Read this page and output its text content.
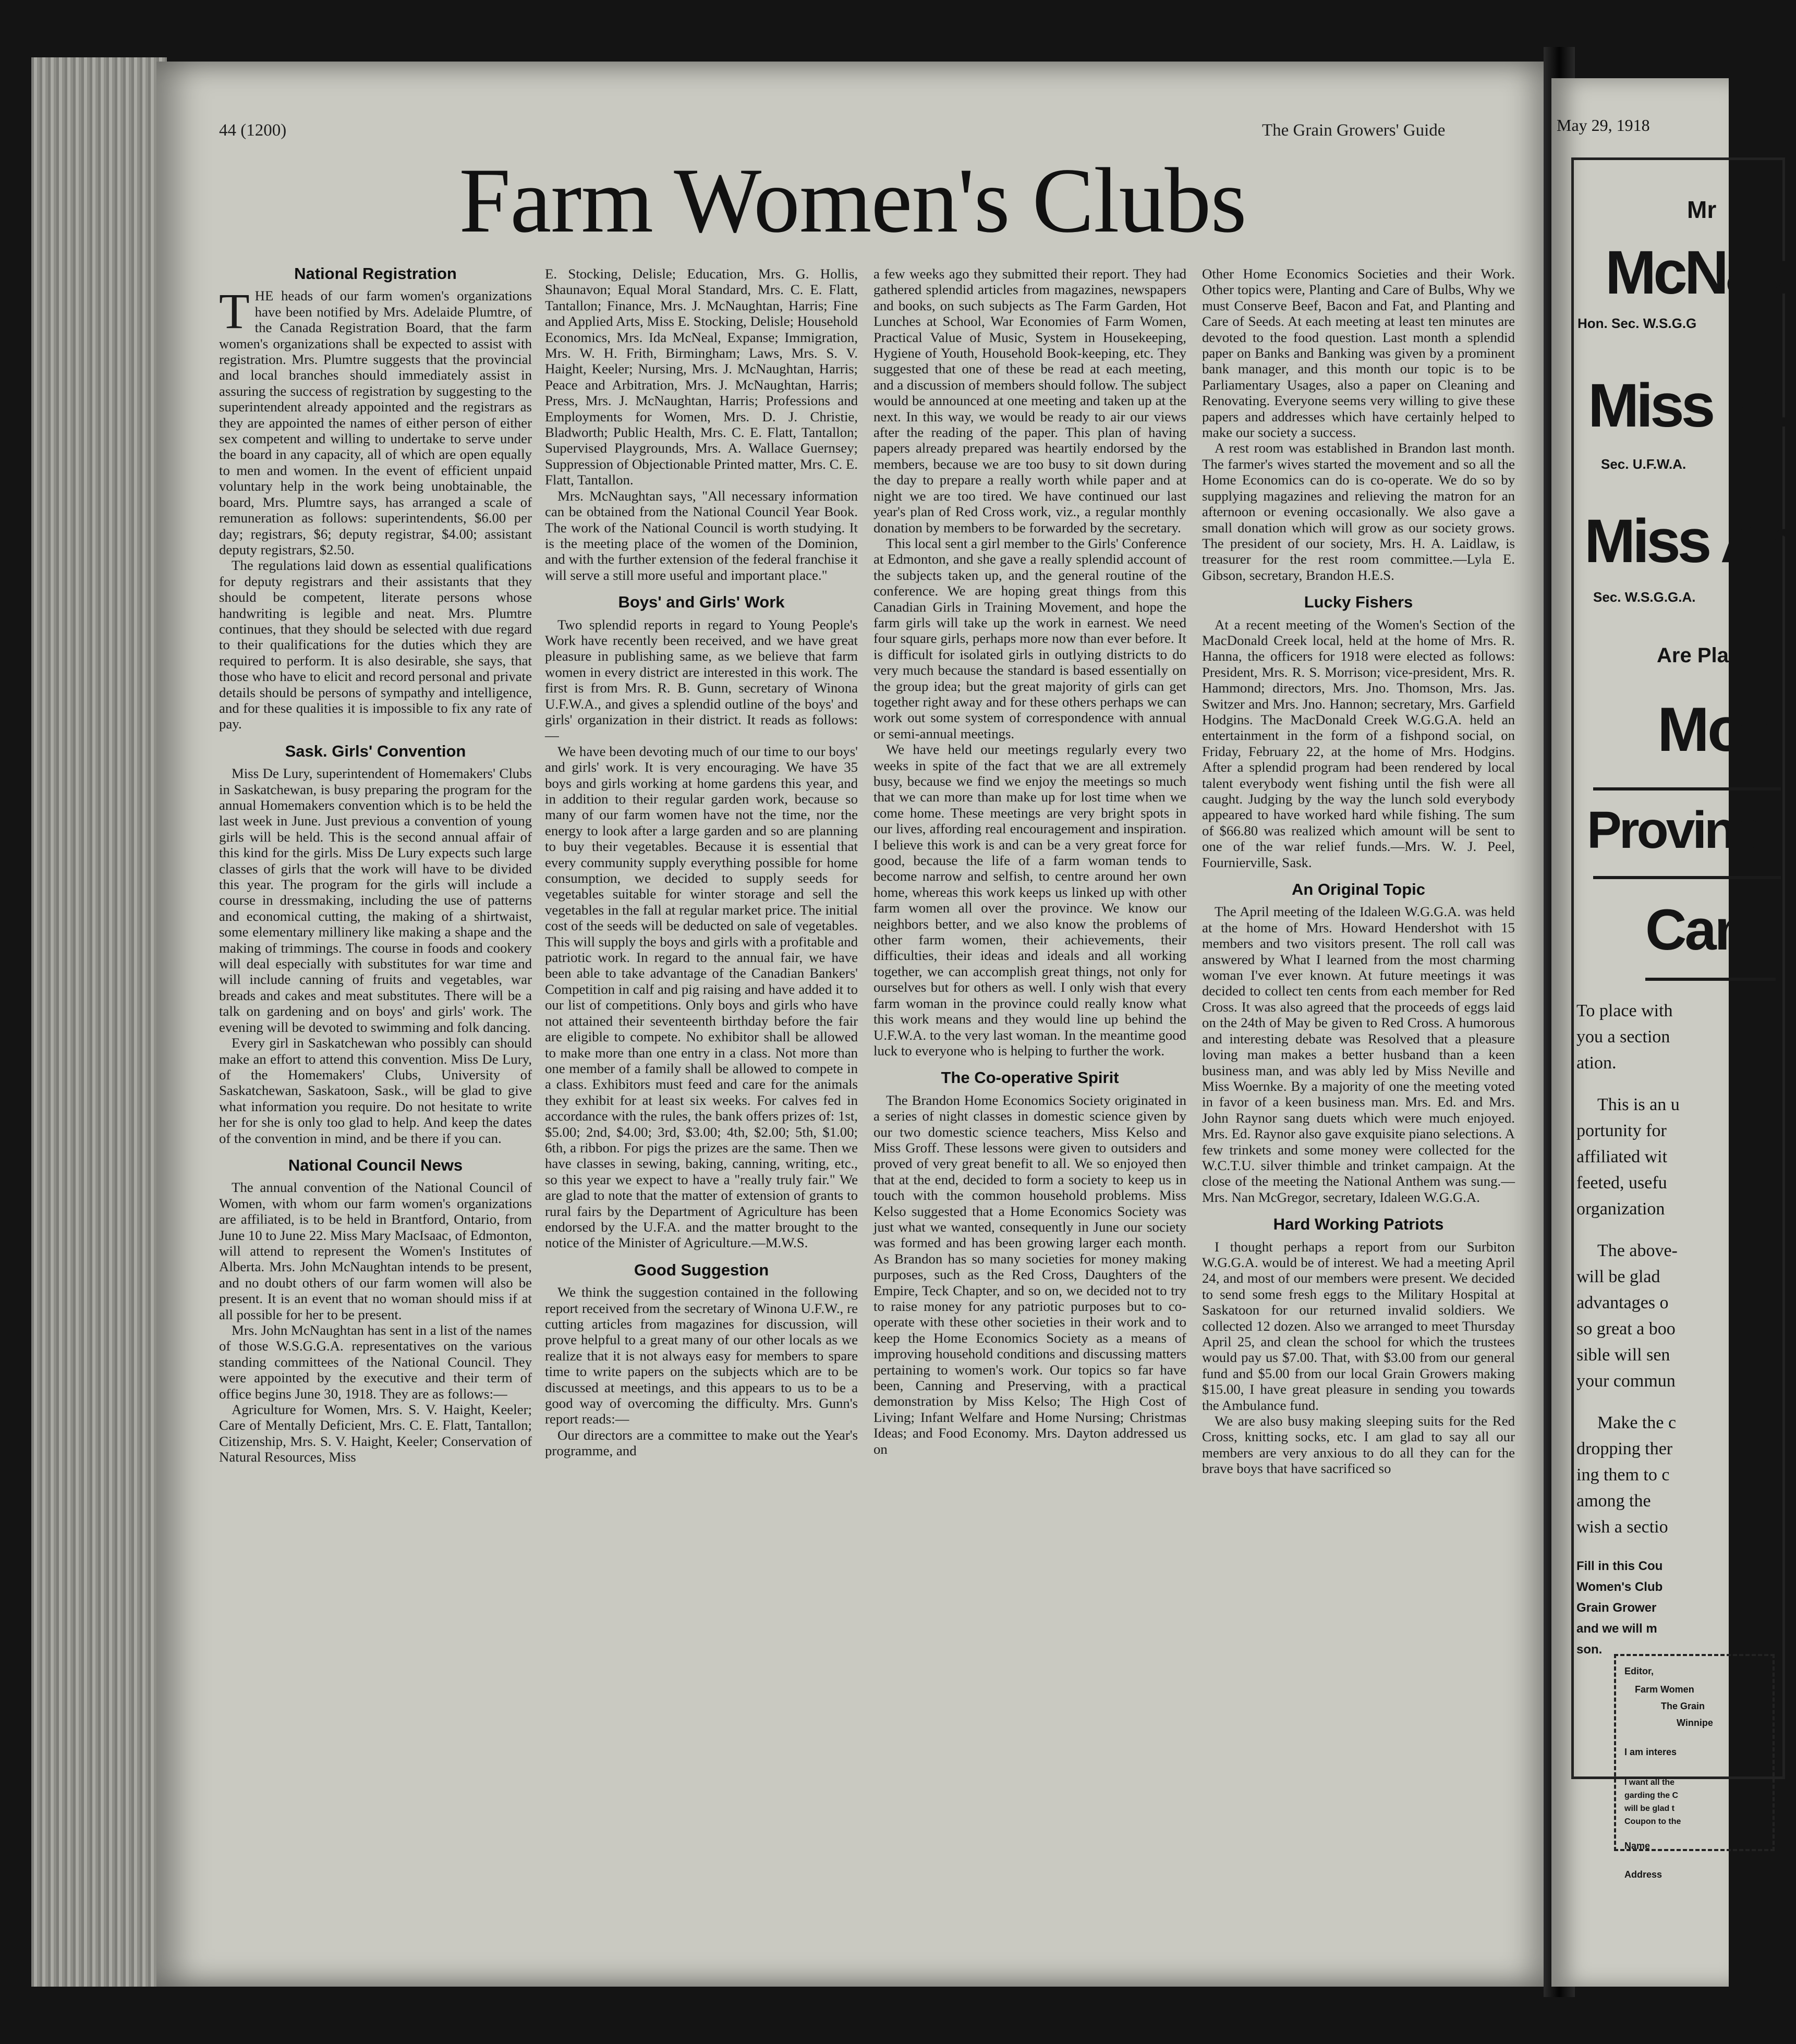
44 (1200)	The Grain Growers' Guide
Farm Women's Clubs
National Registration

THE heads of our farm women's organizations have been notified by Mrs. Adelaide Plumtre, of the Canada Registration Board, that the farm women's organizations shall be expected to assist with registration. Mrs. Plumtre suggests that the provincial and local branches should immediately assist in assuring the success of registration by suggesting to the superintendent already appointed and the registrars as they are appointed the names of either person of either sex competent and willing to undertake to serve under the board in any capacity, all of which are open equally to men and women. In the event of efficient unpaid voluntary help in the work being unobtainable, the board, Mrs. Plumtre says, has arranged a scale of remuneration as follows: superintendents, $6.00 per day; registrars, $6; deputy registrar, $4.00; assistant deputy registrars, $2.50.

The regulations laid down as essential qualifications for deputy registrars and their assistants that they should be competent, literate persons whose handwriting is legible and neat. Mrs. Plumtre continues, that they should be selected with due regard to their qualifications for the duties which they are required to perform. It is also desirable, she says, that those who have to elicit and record personal and private details should be persons of sympathy and intelligence, and for these qualities it is impossible to fix any rate of pay.

Sask. Girls' Convention

Miss De Lury, superintendent of Homemakers' Clubs in Saskatchewan, is busy preparing the program for the annual Homemakers convention which is to be held the last week in June. Just previous a convention of young girls will be held. This is the second annual affair of this kind for the girls. Miss De Lury expects such large classes of girls that the work will have to be divided this year. The program for the girls will include a course in dressmaking, including the use of patterns and economical cutting, the making of a shirtwaist, some elementary millinery like making a shape and the making of trimmings. The course in foods and cookery will deal especially with substitutes for war time and will include canning of fruits and vegetables, war breads and cakes and meat substitutes. There will be a talk on gardening and on boys' and girls' work. The evening will be devoted to swimming and folk dancing.

Every girl in Saskatchewan who possibly can should make an effort to attend this convention. Miss De Lury, of the Homemakers' Clubs, University of Saskatchewan, Saskatoon, Sask., will be glad to give what information you require. Do not hesitate to write her for she is only too glad to help. And keep the dates of the convention in mind, and be there if you can.

National Council News

The annual convention of the National Council of Women, with whom our farm women's organizations are affiliated, is to be held in Brantford, Ontario, from June 10 to June 22. Miss Mary MacIsaac, of Edmonton, will attend to represent the Women's Institutes of Alberta. Mrs. John McNaughtan intends to be present, and no doubt others of our farm women will also be present. It is an event that no woman should miss if at all possible for her to be present.

Mrs. John McNaughtan has sent in a list of the names of those W.S.G.G.A. representatives on the various standing committees of the National Council. They were appointed by the executive and their term of office begins June 30, 1918. They are as follows:—

Agriculture for Women, Mrs. S. V. Haight, Keeler; Care of Mentally Deficient, Mrs. C. E. Flatt, Tantallon; Citizenship, Mrs. S. V. Haight, Keeler; Conservation of Natural Resources, Miss

E. Stocking, Delisle; Education, Mrs. G. Hollis, Shaunavon; Equal Moral Standard, Mrs. C. E. Flatt, Tantallon; Finance, Mrs. J. McNaughtan, Harris; Fine and Applied Arts, Miss E. Stocking, Delisle; Household Economics, Mrs. Ida McNeal, Expanse; Immigration, Mrs. W. H. Frith, Birmingham; Laws, Mrs. S. V. Haight, Keeler; Nursing, Mrs. J. McNaughtan, Harris; Peace and Arbitration, Mrs. J. McNaughtan, Harris; Press, Mrs. J. McNaughtan, Harris; Professions and Employments for Women, Mrs. D. J. Christie, Bladworth; Public Health, Mrs. C. E. Flatt, Tantallon; Supervised Playgrounds, Mrs. A. Wallace Guernsey; Suppression of Objectionable Printed matter, Mrs. C. E. Flatt, Tantallon.

Mrs. McNaughtan says, "All necessary information can be obtained from the National Council Year Book. The work of the National Council is worth studying. It is the meeting place of the women of the Dominion, and with the further extension of the federal franchise it will serve a still more useful and important place."

Boys' and Girls' Work

Two splendid reports in regard to Young People's Work have recently been received, and we have great pleasure in publishing same, as we believe that farm women in every district are interested in this work. The first is from Mrs. R. B. Gunn, secretary of Winona U.F.W.A., and gives a splendid outline of the boys' and girls' organization in their district. It reads as follows:—

We have been devoting much of our time to our boys' and girls' work. It is very encouraging. We have 35 boys and girls working at home gardens this year, and in addition to their regular garden work, because so many of our farm women have not the time, nor the energy to look after a large garden and so are planning to buy their vegetables. Because it is essential that every community supply everything possible for home consumption, we decided to supply seeds for vegetables suitable for winter storage and sell the vegetables in the fall at regular market price. The initial cost of the seeds will be deducted on sale of vegetables. This will supply the boys and girls with a profitable and patriotic work. In regard to the annual fair, we have been able to take advantage of the Canadian Bankers' Competition in calf and pig raising and have added it to our list of competitions. Only boys and girls who have not attained their seventeenth birthday before the fair are eligible to compete. No exhibitor shall be allowed to make more than one entry in a class. Not more than one member of a family shall be allowed to compete in a class. Exhibitors must feed and care for the animals they exhibit for at least six weeks. For calves fed in accordance with the rules, the bank offers prizes of: 1st, $5.00; 2nd, $4.00; 3rd, $3.00; 4th, $2.00; 5th, $1.00; 6th, a ribbon. For pigs the prizes are the same. Then we have classes in sewing, baking, canning, writing, etc., so this year we expect to have a "really truly fair." We are glad to note that the matter of extension of grants to rural fairs by the Department of Agriculture has been endorsed by the U.F.A. and the matter brought to the notice of the Minister of Agriculture.—M.W.S.

Good Suggestion

We think the suggestion contained in the following report received from the secretary of Winona U.F.W., re cutting articles from magazines for discussion, will prove helpful to a great many of our other locals as we realize that it is not always easy for members to spare time to write papers on the subjects which are to be discussed at meetings, and this appears to us to be a good way of overcoming the difficulty. Mrs. Gunn's report reads:—

Our directors are a committee to make out the Year's programme, and

a few weeks ago they submitted their report. They had gathered splendid articles from magazines, newspapers and books, on such subjects as The Farm Garden, Hot Lunches at School, War Economies of Farm Women, Practical Value of Music, System in Housekeeping, Hygiene of Youth, Household Book-keeping, etc. They suggested that one of these be read at each meeting, and a discussion of members should follow. The subject would be announced at one meeting and taken up at the next. In this way, we would be ready to air our views after the reading of the paper. This plan of having papers already prepared was heartily endorsed by the members, because we are too busy to sit down during the day to prepare a really worth while paper and at night we are too tired. We have continued our last year's plan of Red Cross work, viz., a regular monthly donation by members to be forwarded by the secretary.

This local sent a girl member to the Girls' Conference at Edmonton, and she gave a really splendid account of the subjects taken up, and the general routine of the conference. We are hoping great things from this Canadian Girls in Training Movement, and hope the farm girls will take up the work in earnest. We need four square girls, perhaps more now than ever before. It is difficult for isolated girls in outlying districts to do very much because the standard is based essentially on the group idea; but the great majority of girls can get together right away and for these others perhaps we can work out some system of correspondence with annual or semi-annual meetings.

We have held our meetings regularly every two weeks in spite of the fact that we are all extremely busy, because we find we enjoy the meetings so much that we can more than make up for lost time when we come home. These meetings are very bright spots in our lives, affording real encouragement and inspiration. I believe this work is and can be a very great force for good, because the life of a farm woman tends to become narrow and selfish, to centre around her own home, whereas this work keeps us linked up with other farm women all over the province. We know our neighbors better, and we also know the problems of other farm women, their achievements, their difficulties, their ideas and ideals and all working together, we can accomplish great things, not only for ourselves but for others as well. I only wish that every farm woman in the province could really know what this work means and they would line up behind the U.F.W.A. to the very last woman. In the meantime good luck to everyone who is helping to further the work.

The Co-operative Spirit

The Brandon Home Economics Society originated in a series of night classes in domestic science given by our two domestic science teachers, Miss Kelso and Miss Groff. These lessons were given to outsiders and proved of very great benefit to all. We so enjoyed then that at the end, decided to form a society to keep us in touch with the common household problems. Miss Kelso suggested that a Home Economics Society was just what we wanted, consequently in June our society was formed and has been growing larger each month. As Brandon has so many societies for money making purposes, such as the Red Cross, Daughters of the Empire, Teck Chapter, and so on, we decided not to try to raise money for any patriotic purposes but to co-operate with these other societies in their work and to keep the Home Economics Society as a means of improving household conditions and discussing matters pertaining to women's work. Our topics so far have been, Canning and Preserving, with a practical demonstration by Miss Kelso; The High Cost of Living; Infant Welfare and Home Nursing; Christmas Ideas; and Food Economy. Mrs. Dayton addressed us on

Other Home Economics Societies and their Work. Other topics were, Planting and Care of Bulbs, Why we must Conserve Beef, Bacon and Fat, and Planting and Care of Seeds. At each meeting at least ten minutes are devoted to the food question. Last month a splendid paper on Banks and Banking was given by a prominent bank manager, and this month our topic is to be Parliamentary Usages, also a paper on Cleaning and Renovating. Everyone seems very willing to give these papers and addresses which have certainly helped to make our society a success.

A rest room was established in Brandon last month. The farmer's wives started the movement and so all the Home Economics can do is co-operate. We do so by supplying magazines and relieving the matron for an afternoon or evening occasionally. We also gave a small donation which will grow as our society grows. The president of our society, Mrs. H. A. Laidlaw, is treasurer for the rest room committee.—Lyla E. Gibson, secretary, Brandon H.E.S.

Lucky Fishers

At a recent meeting of the Women's Section of the MacDonald Creek local, held at the home of Mrs. R. Hanna, the officers for 1918 were elected as follows: President, Mrs. R. S. Morrison; vice-president, Mrs. R. Hammond; directors, Mrs. Jno. Thomson, Mrs. Jas. Switzer and Mrs. Jno. Hannon; secretary, Mrs. Garfield Hodgins. The MacDonald Creek W.G.G.A. held an entertainment in the form of a fishpond social, on Friday, February 22, at the home of Mrs. Hodgins. After a splendid program had been rendered by local talent everybody went fishing until the fish were all caught. Judging by the way the lunch sold everybody appeared to have worked hard while fishing. The sum of $66.80 was realized which amount will be sent to one of the war relief funds.—Mrs. W. J. Peel, Fournierville, Sask.

An Original Topic

The April meeting of the Idaleen W.G.G.A. was held at the home of Mrs. Howard Hendershot with 15 members and two visitors present. The roll call was answered by What I learned from the most charming woman I've ever known. At future meetings it was decided to collect ten cents from each member for Red Cross. It was also agreed that the proceeds of eggs laid on the 24th of May be given to Red Cross. A humorous and interesting debate was Resolved that a pleasure loving man makes a better husband than a keen business man, and was ably led by Miss Neville and Miss Woernke. By a majority of one the meeting voted in favor of a keen business man. Mrs. Ed. and Mrs. John Raynor sang duets which were much enjoyed. Mrs. Ed. Raynor also gave exquisite piano selections. A few trinkets and some money were collected for the W.C.T.U. silver thimble and trinket campaign. At the close of the meeting the National Anthem was sung.—Mrs. Nan McGregor, secretary, Idaleen W.G.G.A.

Hard Working Patriots

I thought perhaps a report from our Surbiton W.G.G.A. would be of interest. We had a meeting April 24, and most of our members were present. We decided to send some fresh eggs to the Military Hospital at Saskatoon for our returned invalid soldiers. We collected 12 dozen. Also we arranged to meet Thursday April 25, and clean the school for which the trustees would pay us $7.00. That, with $3.00 from our general fund and $5.00 from our local Grain Growers making $15.00, I have great pleasure in sending you towards the Ambulance fund.

We are also busy making sleeping suits for the Red Cross, knitting socks, etc. I am glad to say all our members are very anxious to do all they can for the brave boys that have sacrificed so

May 29, 1918
Mr
McNau
Hon. Sec. W.S.G.G
Miss M.
Sec. U.F.W.A.
Miss An
Sec. W.S.G.G.A.
Are Pla
Mon
Provinc
Cam
To place with
you a section
ation.
This is an u
portunity for
affiliated wit
feeted, usefu
organization
The above-
will be glad
advantages o
so great a boo
sible will sen
your commun
Make the c
dropping ther
ing them to c
among the
wish a sectio
Fill in this Cou
Women's Club
Grain Grower
and we will m
son.
Editor,
Farm Women
The Grain
Winnipe
I am interes
I want all the
garding the C
will be glad t
Coupon to the
Name
Address
